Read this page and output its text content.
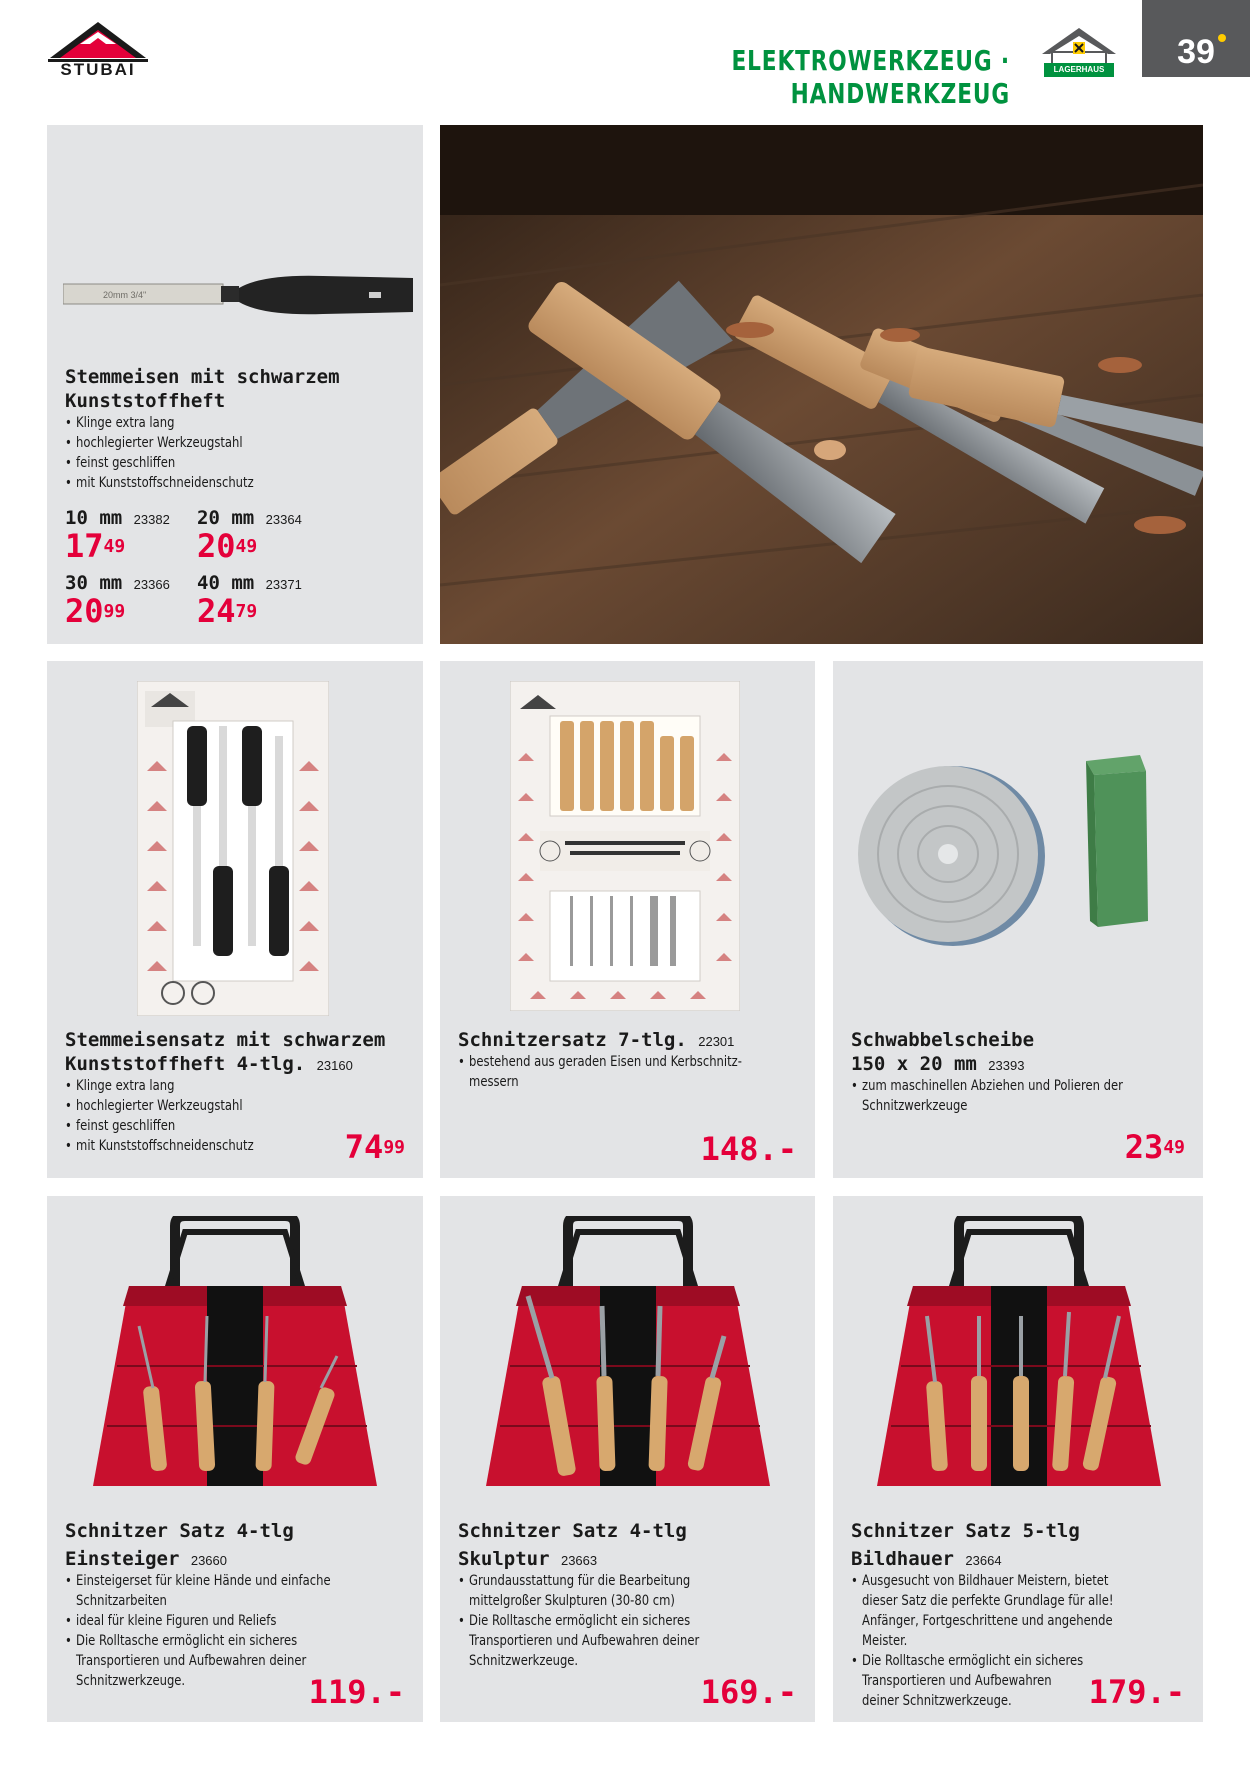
STUBAI	ELEKTROWERKZEUG · HANDWERKZEUG
LAGERHAUS	39
20mm 3/4"
Stemmeisen mit schwarzem
Kunststoffheft
• Klinge extra lang
• hochlegierter Werkzeugstahl
• feinst geschliffen
• mit Kunststoffschneidenschutz
10 mm 23382
$17^{49}$
20 mm 23364
$20^{49}$
30 mm 23366
$20^{99}$
40 mm 23371
$24^{79}$
Stemmeisensatz mit schwarzem
Kunststoffheft 4-tlg. 23160
• Klinge extra lang
• hochlegierter Werkzeugstahl
• feinst geschliffen
• mit Kunststoffschneidenschutz	$74^{99}$
Schnitzersatz 7-tlg. 22301
• bestehend aus geraden Eisen und Kerbschnitz-
messern
148.-
Schwabbelscheibe
150 x 20 mm 23393
• zum maschinellen Abziehen und Polieren der
Schnitzwerkzeuge
$23^{49}$
Schnitzer Satz 4-tlg
Einsteiger 23660
• Einsteigerset für kleine Hände und einfache Schnitzarbeiten
• ideal für kleine Figuren und Reliefs
• Die Rolltasche ermöglicht ein sicheres Transportieren und Aufbewahren deiner Schnitzwerkzeuge.	119.-
Schnitzer Satz 4-tlg
Skulptur 23663
• Grundausstattung für die Bearbeitung mittelgroßer Skulpturen (30-80 cm)
• Die Rolltasche ermöglicht ein sicheres Transportieren und Aufbewahren deiner Schnitzwerkzeuge.
169.-
Schnitzer Satz 5-tlg
Bildhauer 23664
• Ausgesucht von Bildhauer Meistern, bietet dieser Satz die perfekte Grundlage für alle! Anfänger, Fortgeschrittene und angehende Meister.
• Die Rolltasche ermöglicht ein sicheres Transportieren und Aufbewahren deiner Schnitzwerkzeuge.	179.-
